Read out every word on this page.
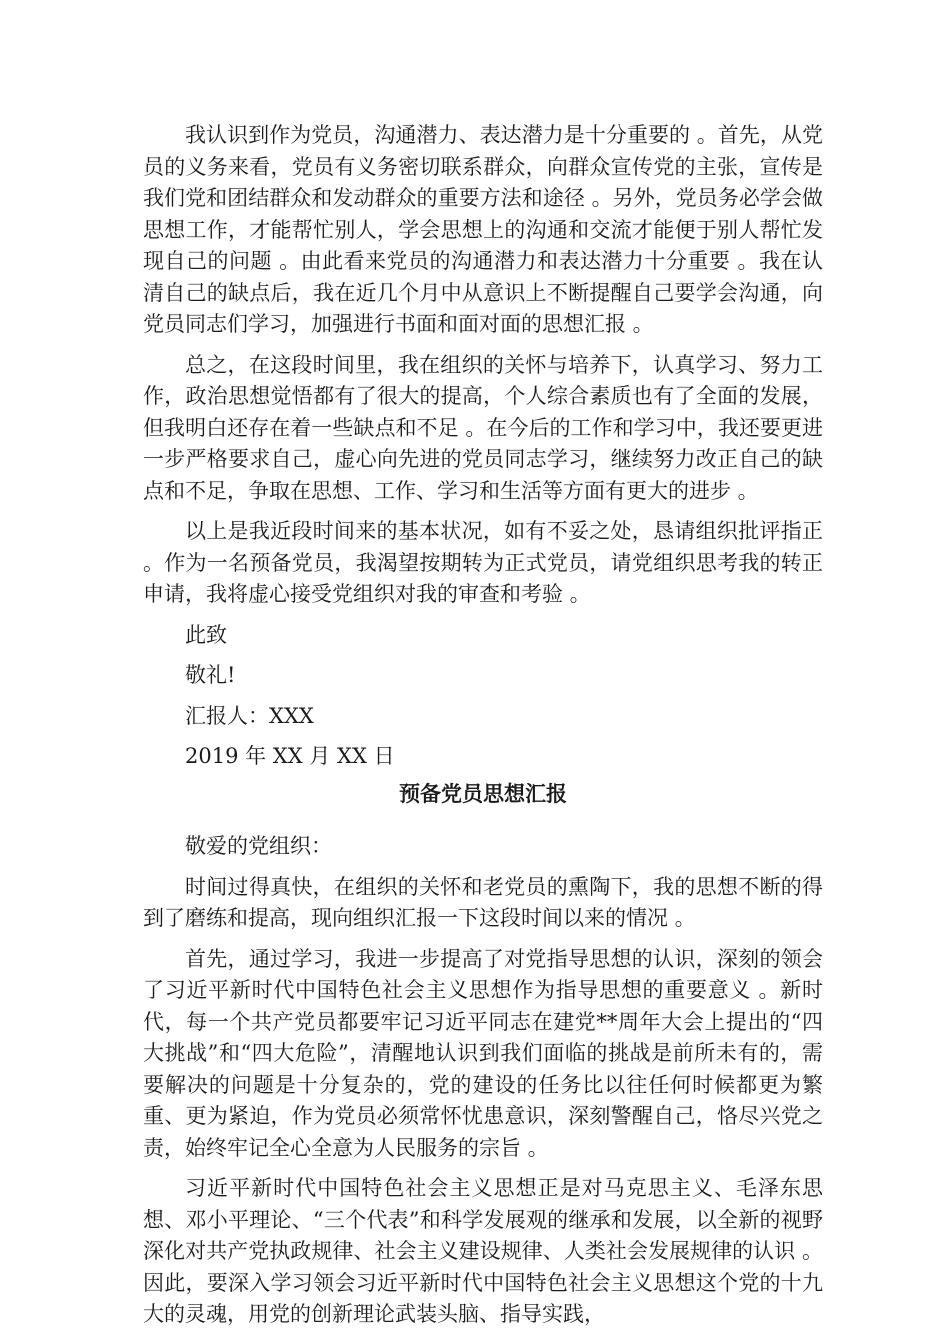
我认识到作为党员，沟通潜力、表达潜力是十分重要的 。首先，从党员的义务来看，党员有义务密切联系群众，向群众宣传党的主张，宣传是我们党和团结群众和发动群众的重要方法和途径 。另外，党员务必学会做思想工作，才能帮忙别人，学会思想上的沟通和交流才能便于别人帮忙发现自己的问题 。由此看来党员的沟通潜力和表达潜力十分重要 。我在认清自己的缺点后，我在近几个月中从意识上不断提醒自己要学会沟通，向党员同志们学习，加强进行书面和面对面的思想汇报 。

总之，在这段时间里，我在组织的关怀与培养下，认真学习、努力工作，政治思想觉悟都有了很大的提高，个人综合素质也有了全面的发展，但我明白还存在着一些缺点和不足 。在今后的工作和学习中，我还要更进一步严格要求自己，虚心向先进的党员同志学习，继续努力改正自己的缺点和不足，争取在思想、工作、学习和生活等方面有更大的进步 。

以上是我近段时间来的基本状况，如有不妥之处，恳请组织批评指正 。作为一名预备党员，我渴望按期转为正式党员，请党组织思考我的转正申请，我将虚心接受党组织对我的审查和考验 。

此致

敬礼!

汇报人：XXX

2019 年 XX 月 XX 日

预备党员思想汇报

敬爱的党组织：

时间过得真快，在组织的关怀和老党员的熏陶下，我的思想不断的得到了磨练和提高，现向组织汇报一下这段时间以来的情况 。

首先，通过学习，我进一步提高了对党指导思想的认识，深刻的领会了习近平新时代中国特色社会主义思想作为指导思想的重要意义 。新时代，每一个共产党员都要牢记习近平同志在建党**周年大会上提出的“四大挑战”和“四大危险”，清醒地认识到我们面临的挑战是前所未有的，需要解决的问题是十分复杂的，党的建设的任务比以往任何时候都更为繁重、更为紧迫，作为党员必须常怀忧患意识，深刻警醒自己，恪尽兴党之责，始终牢记全心全意为人民服务的宗旨 。

习近平新时代中国特色社会主义思想正是对马克思主义、毛泽东思想、邓小平理论、“三个代表”和科学发展观的继承和发展，以全新的视野深化对共产党执政规律、社会主义建设规律、人类社会发展规律的认识 。因此，要深入学习领会习近平新时代中国特色社会主义思想这个党的十九大的灵魂，用党的创新理论武装头脑、指导实践，
